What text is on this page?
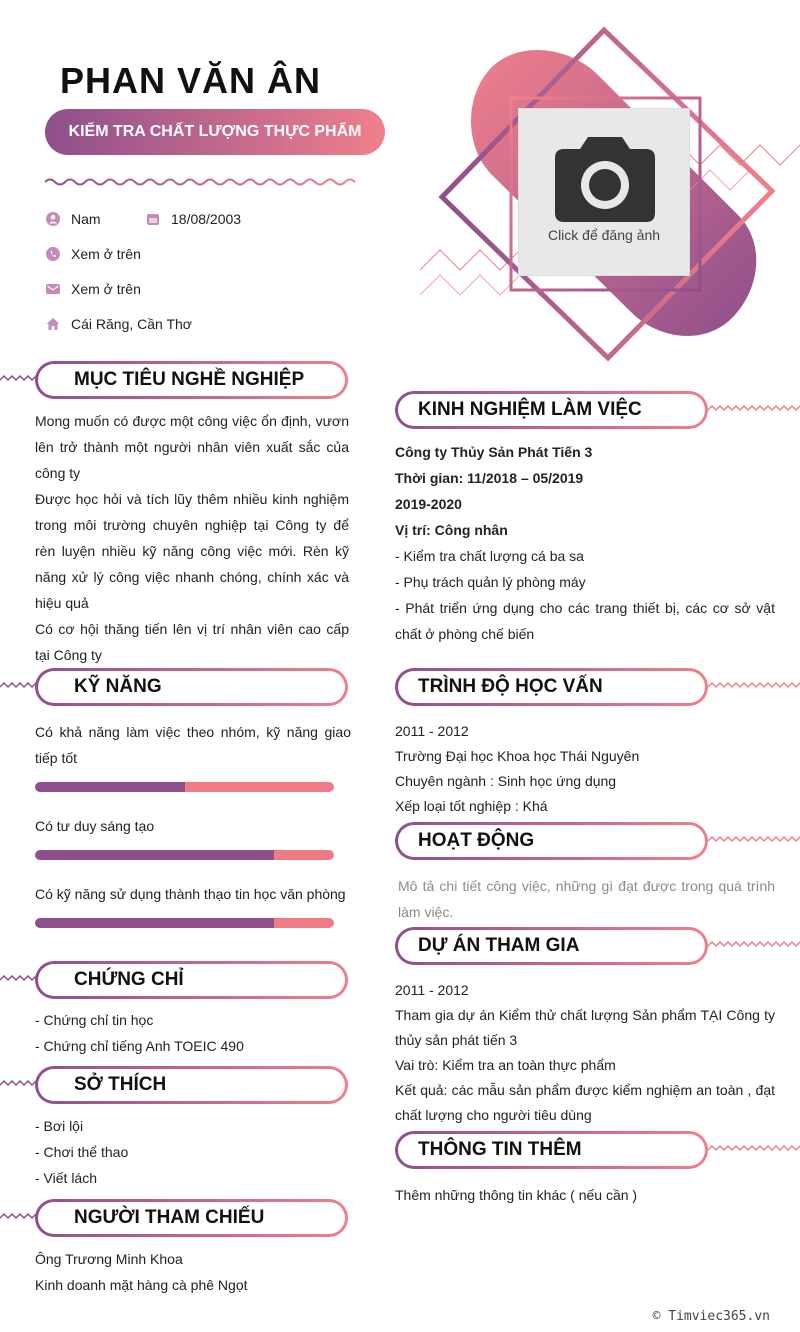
PHAN VĂN ÂN
KIỂM TRA CHẤT LƯỢNG THỰC PHẨM
Nam	18/08/2003
Xem ở trên
Xem ở trên
Cái Răng, Cần Thơ
Click để đăng ảnh
MỤC TIÊU NGHỀ NGHIỆP
Mong muốn có được một công việc ổn định, vươn lên trở thành một người nhân viên xuất sắc của công ty
Được học hỏi và tích lũy thêm nhiều kinh nghiệm trong môi trường chuyên nghiệp tại Công ty để rèn luyện nhiều kỹ năng công việc mới. Rèn kỹ năng xử lý công việc nhanh chóng, chính xác và hiệu quả
Có cơ hội thăng tiến lên vị trí nhân viên cao cấp tại Công ty
KỸ NĂNG
Có khả năng làm việc theo nhóm, kỹ năng giao tiếp tốt
Có tư duy sáng tạo
Có kỹ năng sử dụng thành thạo tin học văn phòng
CHỨNG CHỈ
- Chứng chỉ tin học
- Chứng chỉ tiếng Anh TOEIC 490
SỞ THÍCH
- Bơi lội
- Chơi thể thao
- Viết lách
NGƯỜI THAM CHIẾU
Ông Trương Minh Khoa
Kinh doanh mặt hàng cà phê Ngọt
KINH NGHIỆM LÀM VIỆC
Công ty Thủy Sản Phát Tiến 3
Thời gian: 11/2018 – 05/2019
2019-2020
Vị trí: Công nhân
- Kiểm tra chất lượng cá ba sa
- Phụ trách quản lý phòng máy
- Phát triển ứng dụng cho các trang thiết bị, các cơ sở vật chất ở phòng chế biến
TRÌNH ĐỘ HỌC VẤN
2011 - 2012
Trường Đại học Khoa học Thái Nguyên
Chuyên ngành : Sinh học ứng dụng
Xếp loại tốt nghiệp : Khá
HOẠT ĐỘNG
Mô tả chi tiết công việc, những gì đạt được trong quá trình làm việc.
DỰ ÁN THAM GIA
2011 - 2012
Tham gia dự án Kiểm thử chất lượng Sản phẩm TẠI Công ty thủy sản phát tiến 3
Vai trò: Kiểm tra an toàn thực phẩm
Kết quả: các mẫu sản phẩm được kiểm nghiệm an toàn , đạt chất lượng cho người tiêu dùng
THÔNG TIN THÊM
Thêm những thông tin khác ( nếu cần )
© Timviec365.vn
